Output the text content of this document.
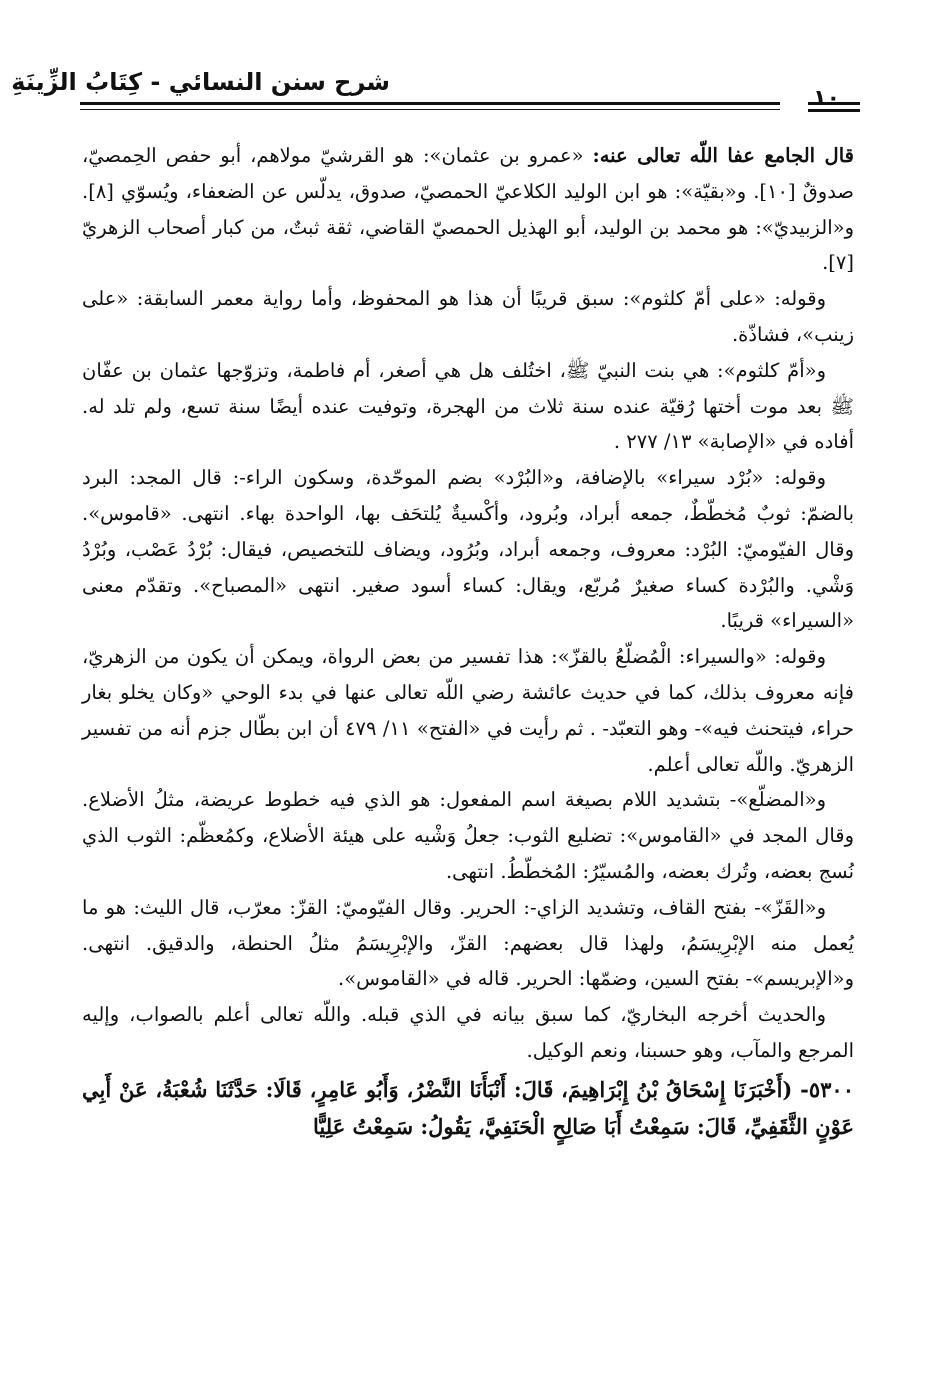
شرح سنن النسائي - كِتَابُ الزِّينَةِ
١٠

قال الجامع عفا اللّه تعالى عنه: «عمرو بن عثمان»: هو القرشيّ مولاهم، أبو حفص الحِمصيّ، صدوقٌ [١٠]. و«بقيّة»: هو ابن الوليد الكلاعيّ الحمصيّ، صدوق، يدلّس عن الضعفاء، ويُسوّي [٨]. و«الزبيديّ»: هو محمد بن الوليد، أبو الهذيل الحمصيّ القاضي، ثقة ثبتٌ، من كبار أصحاب الزهريّ [٧].

وقوله: «على أمّ كلثوم»: سبق قريبًا أن هذا هو المحفوظ، وأما رواية معمر السابقة: «على زينب»، فشاذّة.

و«أمّ كلثوم»: هي بنت النبيّ ﷺ، اختُلف هل هي أصغر، أم فاطمة، وتزوّجها عثمان بن عفّان ﷺ بعد موت أختها رُقيّة عنده سنة ثلاث من الهجرة، وتوفيت عنده أيضًا سنة تسع، ولم تلد له. أفاده في «الإصابة» ١٣/ ٢٧٧ .

وقوله: «بُرْد سيراء» بالإضافة، و«البُرْد» بضم الموحّدة، وسكون الراء-: قال المجد: البرد بالضمّ: ثوبٌ مُخطّطٌ، جمعه أبراد، وبُرود، وأكْسيةٌ يُلتحَف بها، الواحدة بهاء. انتهى. «قاموس». وقال الفيّوميّ: البُرْد: معروف، وجمعه أبراد، وبُرُود، ويضاف للتخصيص، فيقال: بُرْدُ عَصْب، وبُرْدُ وَشْي. والبُرْدة كساء صغيرٌ مُربّع، ويقال: كساء أسود صغير. انتهى «المصباح». وتقدّم معنى «السيراء» قريبًا.

وقوله: «والسيراء: الْمُضلّعُ بالقزّ»: هذا تفسير من بعض الرواة، ويمكن أن يكون من الزهريّ، فإنه معروف بذلك، كما في حديث عائشة رضي اللّه تعالى عنها في بدء الوحي «وكان يخلو بغار حراء، فيتحنث فيه»- وهو التعبّد- . ثم رأيت في «الفتح» ١١/ ٤٧٩ أن ابن بطّال جزم أنه من تفسير الزهريّ. واللّه تعالى أعلم.

و«المضلّع»- بتشديد اللام بصيغة اسم المفعول: هو الذي فيه خطوط عريضة، مثلُ الأضلاع. وقال المجد في «القاموس»: تضليع الثوب: جعلُ وَشْيه على هيئة الأضلاع، وكمُعظّم: الثوب الذي نُسج بعضه، وتُرك بعضه، والمُسيّرُ: المُخطّطُ. انتهى.

و«القَزّ»- بفتح القاف، وتشديد الزاي-: الحرير. وقال الفيّوميّ: القزّ: معرّب، قال الليث: هو ما يُعمل منه الإبْرِيسَمُ، ولهذا قال بعضهم: القزّ، والإبْرِيسَمُ مثلُ الحنطة، والدقيق. انتهى. و«الإبريسم»- بفتح السين، وضمّها: الحرير. قاله في «القاموس».

والحديث أخرجه البخاريّ، كما سبق بيانه في الذي قبله. واللّه تعالى أعلم بالصواب، وإليه المرجع والمآب، وهو حسبنا، ونعم الوكيل.

٥٣٠٠- (أَخْبَرَنَا إِسْحَاقُ بْنُ إِبْرَاهِيمَ، قَالَ: أَنْبَأَنَا النَّضْرُ، وَأَبُو عَامِرٍ، قَالَا: حَدَّثَنَا شُعْبَةُ، عَنْ أَبِي عَوْنٍ الثَّقَفِيِّ، قَالَ: سَمِعْتُ أَبَا صَالِحٍ الْحَنَفِيَّ، يَقُولُ: سَمِعْتُ عَلِيًّا
